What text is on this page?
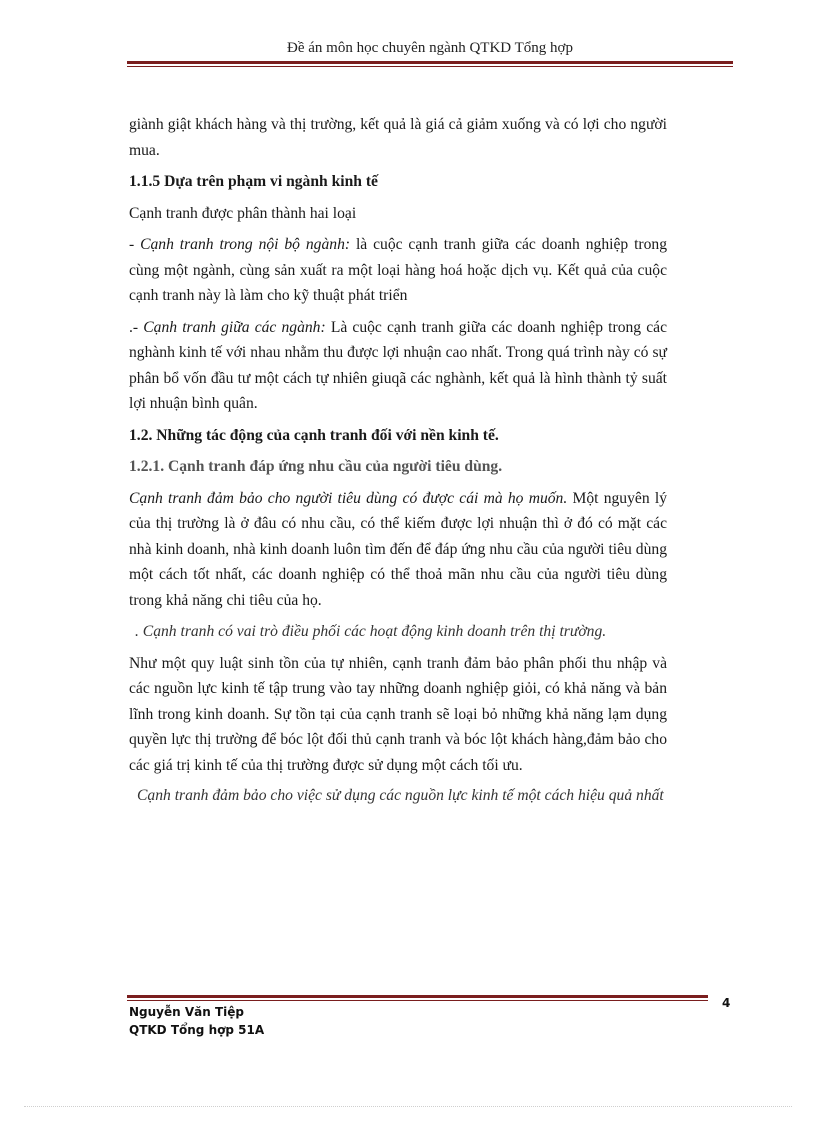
Đề án môn học chuyên ngành QTKD Tổng hợp

giành giật khách hàng và thị trường, kết quả là giá cả giảm xuống và có lợi cho người mua.

1.1.5 Dựa trên phạm vi ngành kinh tế

Cạnh tranh được phân thành hai loại

- Cạnh tranh trong nội bộ ngành: là cuộc cạnh tranh giữa các doanh nghiệp trong cùng một ngành, cùng sản xuất ra một loại hàng hoá hoặc dịch vụ. Kết quả của cuộc cạnh tranh này là làm cho kỹ thuật phát triển

.- Cạnh tranh giữa các ngành: Là cuộc cạnh tranh giữa các doanh nghiệp trong các nghành kinh tế với nhau nhằm thu được lợi nhuận cao nhất. Trong quá trình này có sự phân bổ vốn đầu tư một cách tự nhiên giuqã các nghành, kết quả là hình thành tỷ suất lợi nhuận bình quân.

1.2. Những tác động của cạnh tranh đối với nền kinh tế.

1.2.1. Cạnh tranh đáp ứng nhu cầu của người tiêu dùng.

Cạnh tranh đảm bảo cho người tiêu dùng có được cái mà họ muốn. Một nguyên lý của thị trường là ở đâu có nhu cầu, có thể kiếm được lợi nhuận thì ở đó có mặt các nhà kinh doanh, nhà kinh doanh luôn tìm đến để đáp ứng nhu cầu của người tiêu dùng một cách tốt nhất, các doanh nghiệp có thể thoả mãn nhu cầu của người tiêu dùng trong khả năng chi tiêu của họ.

. Cạnh tranh có vai trò điều phối các hoạt động kinh doanh trên thị trường.

Như một quy luật sinh tồn của tự nhiên, cạnh tranh đảm bảo phân phối thu nhập và các nguồn lực kinh tế tập trung vào tay những doanh nghiệp giỏi, có khả năng và bản lĩnh trong kinh doanh. Sự tồn tại của cạnh tranh sẽ loại bỏ những khả năng lạm dụng quyền lực thị trường để bóc lột đối thủ cạnh tranh và bóc lột khách hàng,đảm bảo cho các giá trị kinh tế của thị trường được sử dụng một cách tối ưu.

Cạnh tranh đảm bảo cho việc sử dụng các nguồn lực kinh tế một cách hiệu quả nhất

4
Nguyễn Văn Tiệp
QTKD Tổng hợp 51A
